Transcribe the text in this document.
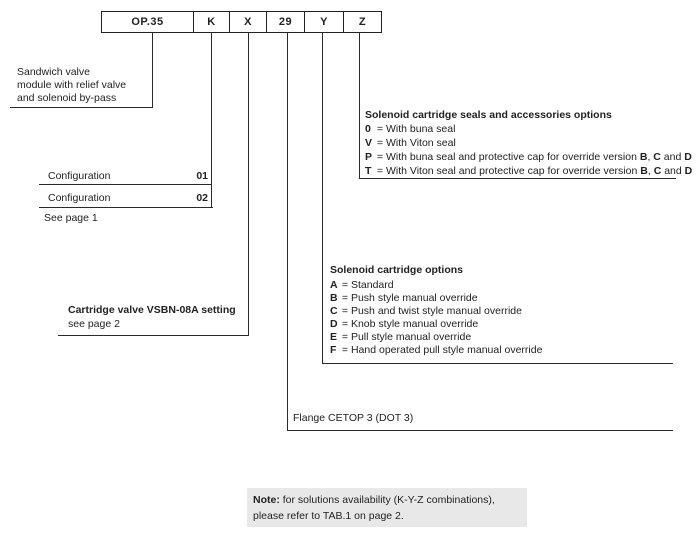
OP.35	K	X	29	Y	Z
Sandwich valve
module with relief valve
and solenoid by-pass
Configuration	01
Configuration	02
See page 1
Cartridge valve VSBN-08A setting
see page 2
Solenoid cartridge seals and accessories options
0 = With buna seal
V = With Viton seal
P = With buna seal and protective cap for override version B, C and D
T = With Viton seal and protective cap for override version B, C and D
Solenoid cartridge options
A = Standard
B = Push style manual override
C = Push and twist style manual override
D = Knob style manual override
E = Pull style manual override
F = Hand operated pull style manual override
Flange CETOP 3 (DOT 3)
Note: for solutions availability (K-Y-Z combinations),
please refer to TAB.1 on page 2.
